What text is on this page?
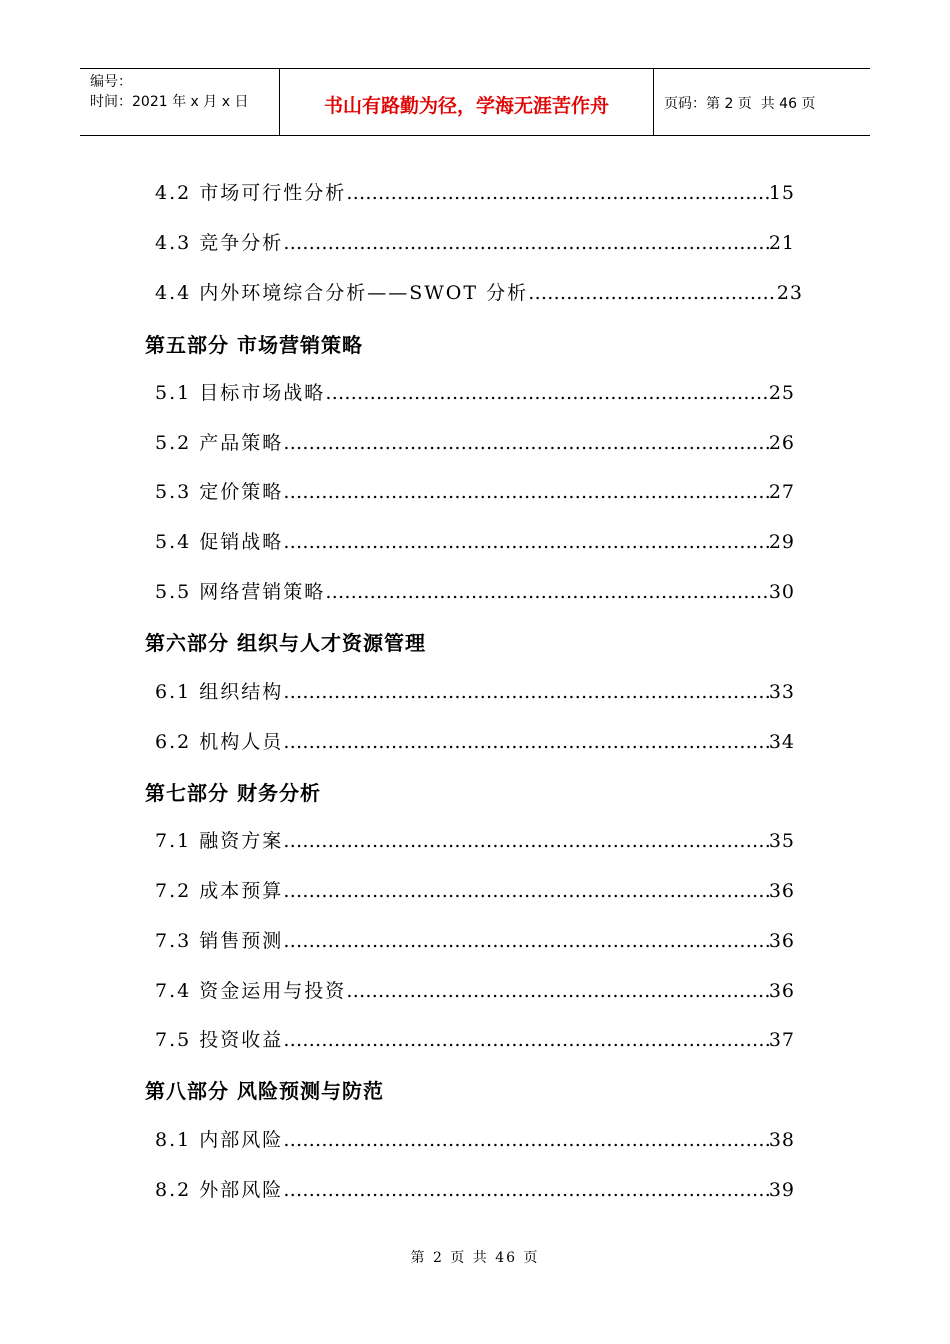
编号：
时间：2021 年 x 月 x 日	书山有路勤为径，学海无涯苦作舟	页码：第 2 页  共 46 页
4.2 市场可行性分析 ………………………………………………………………………………………………………………………………………………………	15
4.3 竞争分析 ………………………………………………………………………………………………………………………………………………………	21
4.4 内外环境综合分析——SWOT 分析 ………………………………………………………………………………………………………………………………………………………	23
第五部分 市场营销策略
5.1 目标市场战略 ………………………………………………………………………………………………………………………………………………………	25
5.2 产品策略 ………………………………………………………………………………………………………………………………………………………	26
5.3 定价策略 ………………………………………………………………………………………………………………………………………………………	27
5.4 促销战略 ………………………………………………………………………………………………………………………………………………………	29
5.5 网络营销策略 ………………………………………………………………………………………………………………………………………………………	30
第六部分 组织与人才资源管理
6.1 组织结构 ………………………………………………………………………………………………………………………………………………………	33
6.2 机构人员 ………………………………………………………………………………………………………………………………………………………	34
第七部分 财务分析
7.1 融资方案 ………………………………………………………………………………………………………………………………………………………	35
7.2 成本预算 ………………………………………………………………………………………………………………………………………………………	36
7.3 销售预测 ………………………………………………………………………………………………………………………………………………………	36
7.4 资金运用与投资 ………………………………………………………………………………………………………………………………………………………	36
7.5 投资收益 ………………………………………………………………………………………………………………………………………………………	37
第八部分 风险预测与防范
8.1 内部风险 ………………………………………………………………………………………………………………………………………………………	38
8.2 外部风险 ………………………………………………………………………………………………………………………………………………………	39
第 2 页 共 46 页
